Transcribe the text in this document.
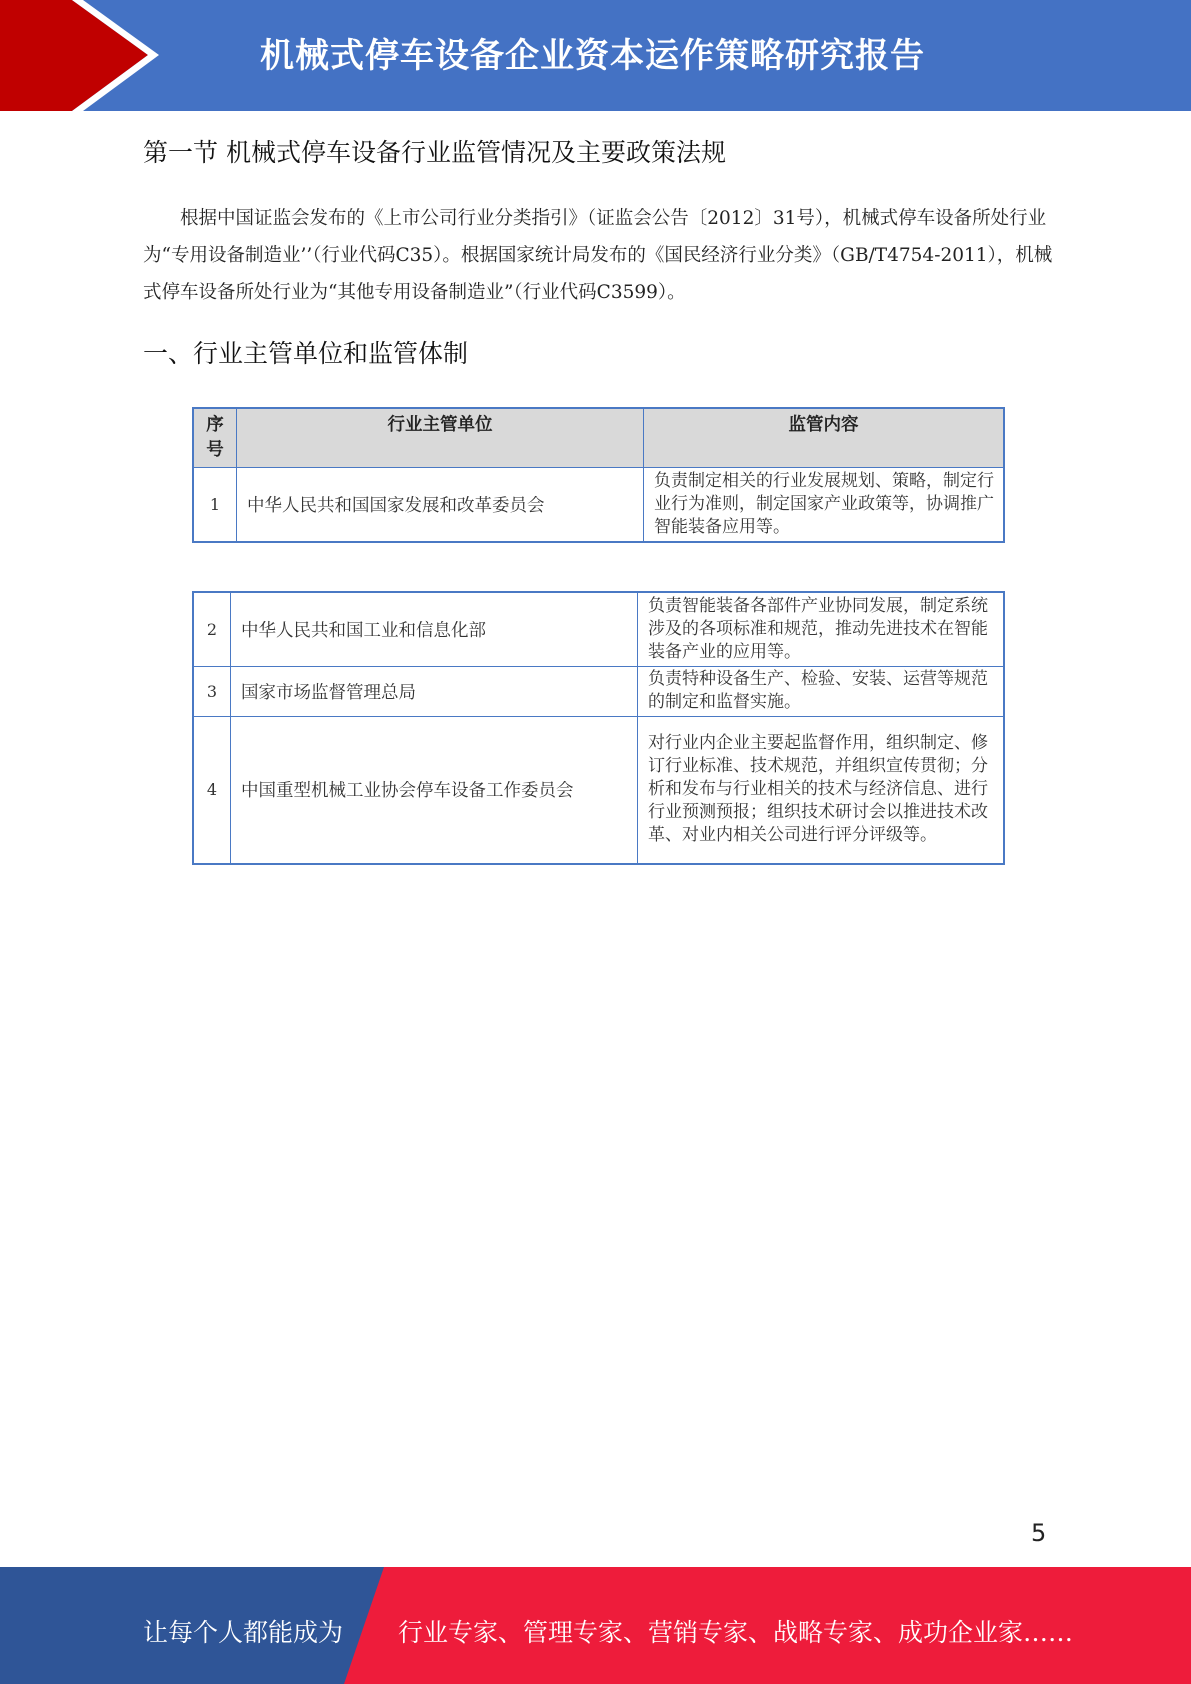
机械式停车设备企业资本运作策略研究报告
第一节 机械式停车设备行业监管情况及主要政策法规
根据中国证监会发布的《上市公司行业分类指引》（证监会公告〔2012〕31号），机械式停车设备所处行业为“专用设备制造业’’（行业代码C35）。根据国家统计局发布的《国民经济行业分类》（GB/T4754-2011），机械式停车设备所处行业为“其他专用设备制造业”（行业代码C3599）。
一、行业主管单位和监管体制
序号	行业主管单位	监管内容
1	中华人民共和国国家发展和改革委员会	负责制定相关的行业发展规划、策略，制定行业行为准则，制定国家产业政策等，协调推广智能装备应用等。
2	中华人民共和国工业和信息化部	负责智能装备各部件产业协同发展，制定系统涉及的各项标准和规范，推动先进技术在智能装备产业的应用等。
3	国家市场监督管理总局	负责特种设备生产、检验、安装、运营等规范的制定和监督实施。
4	中国重型机械工业协会停车设备工作委员会	对行业内企业主要起监督作用，组织制定、修订行业标准、技术规范，并组织宣传贯彻；分析和发布与行业相关的技术与经济信息、进行行业预测预报；组织技术研讨会以推进技术改革、对业内相关公司进行评分评级等。
5
让每个人都能成为 行业专家、管理专家、营销专家、战略专家、成功企业家……
